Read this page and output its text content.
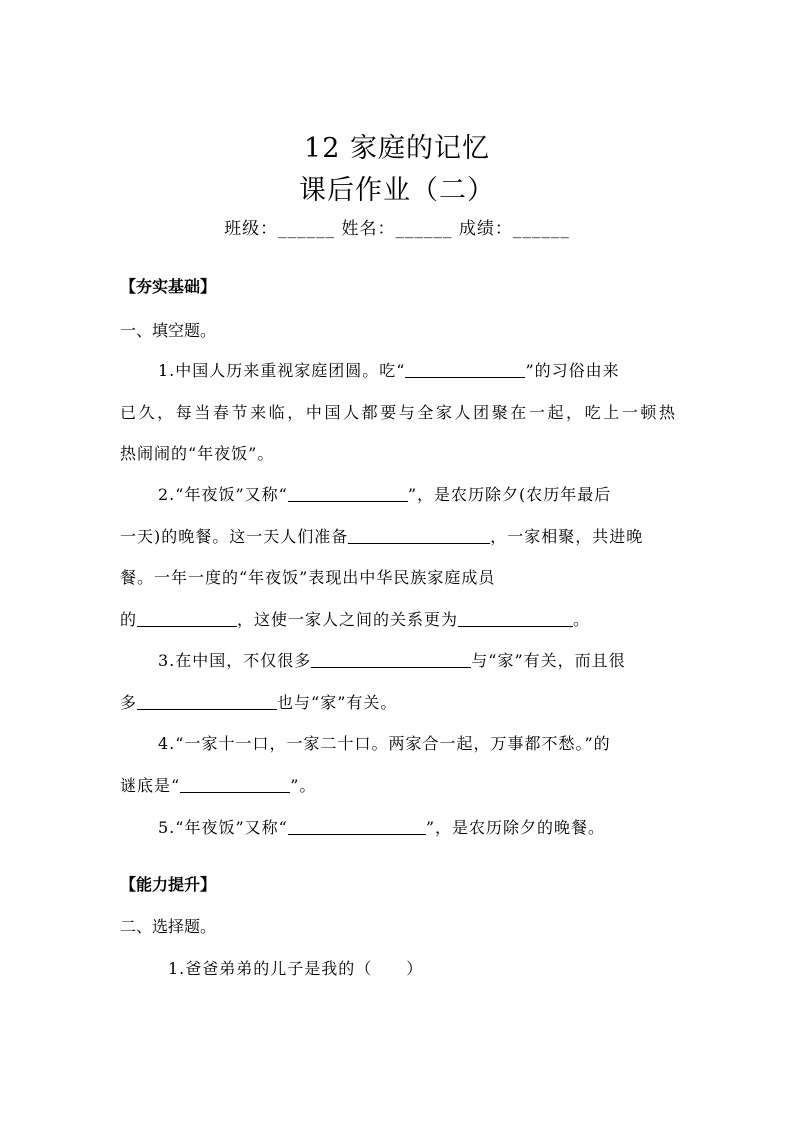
12 家庭的记忆
课后作业（二）
班级：______ 姓名：______ 成绩：______
【夯实基础】
一、填空题。
1.中国人历来重视家庭团圆。吃“	”的习俗由来
已久，每当春节来临，中国人都要与全家人团聚在一起，吃上一顿热
热闹闹的“年夜饭”。
2.“年夜饭”又称“	”，是农历除夕(农历年最后
一天)的晚餐。这一天人们准备	，一家相聚，共进晚
餐。一年一度的“年夜饭”表现出中华民族家庭成员
的	，这使一家人之间的关系更为	。
3.在中国，不仅很多	与“家”有关，而且很
多	也与“家”有关。
4.“一家十一口，一家二十口。两家合一起，万事都不愁。”的
谜底是“	”。
5.“年夜饭”又称“	”，是农历除夕的晚餐。
【能力提升】
二、选择题。
1.爸爸弟弟的儿子是我的（　　）
